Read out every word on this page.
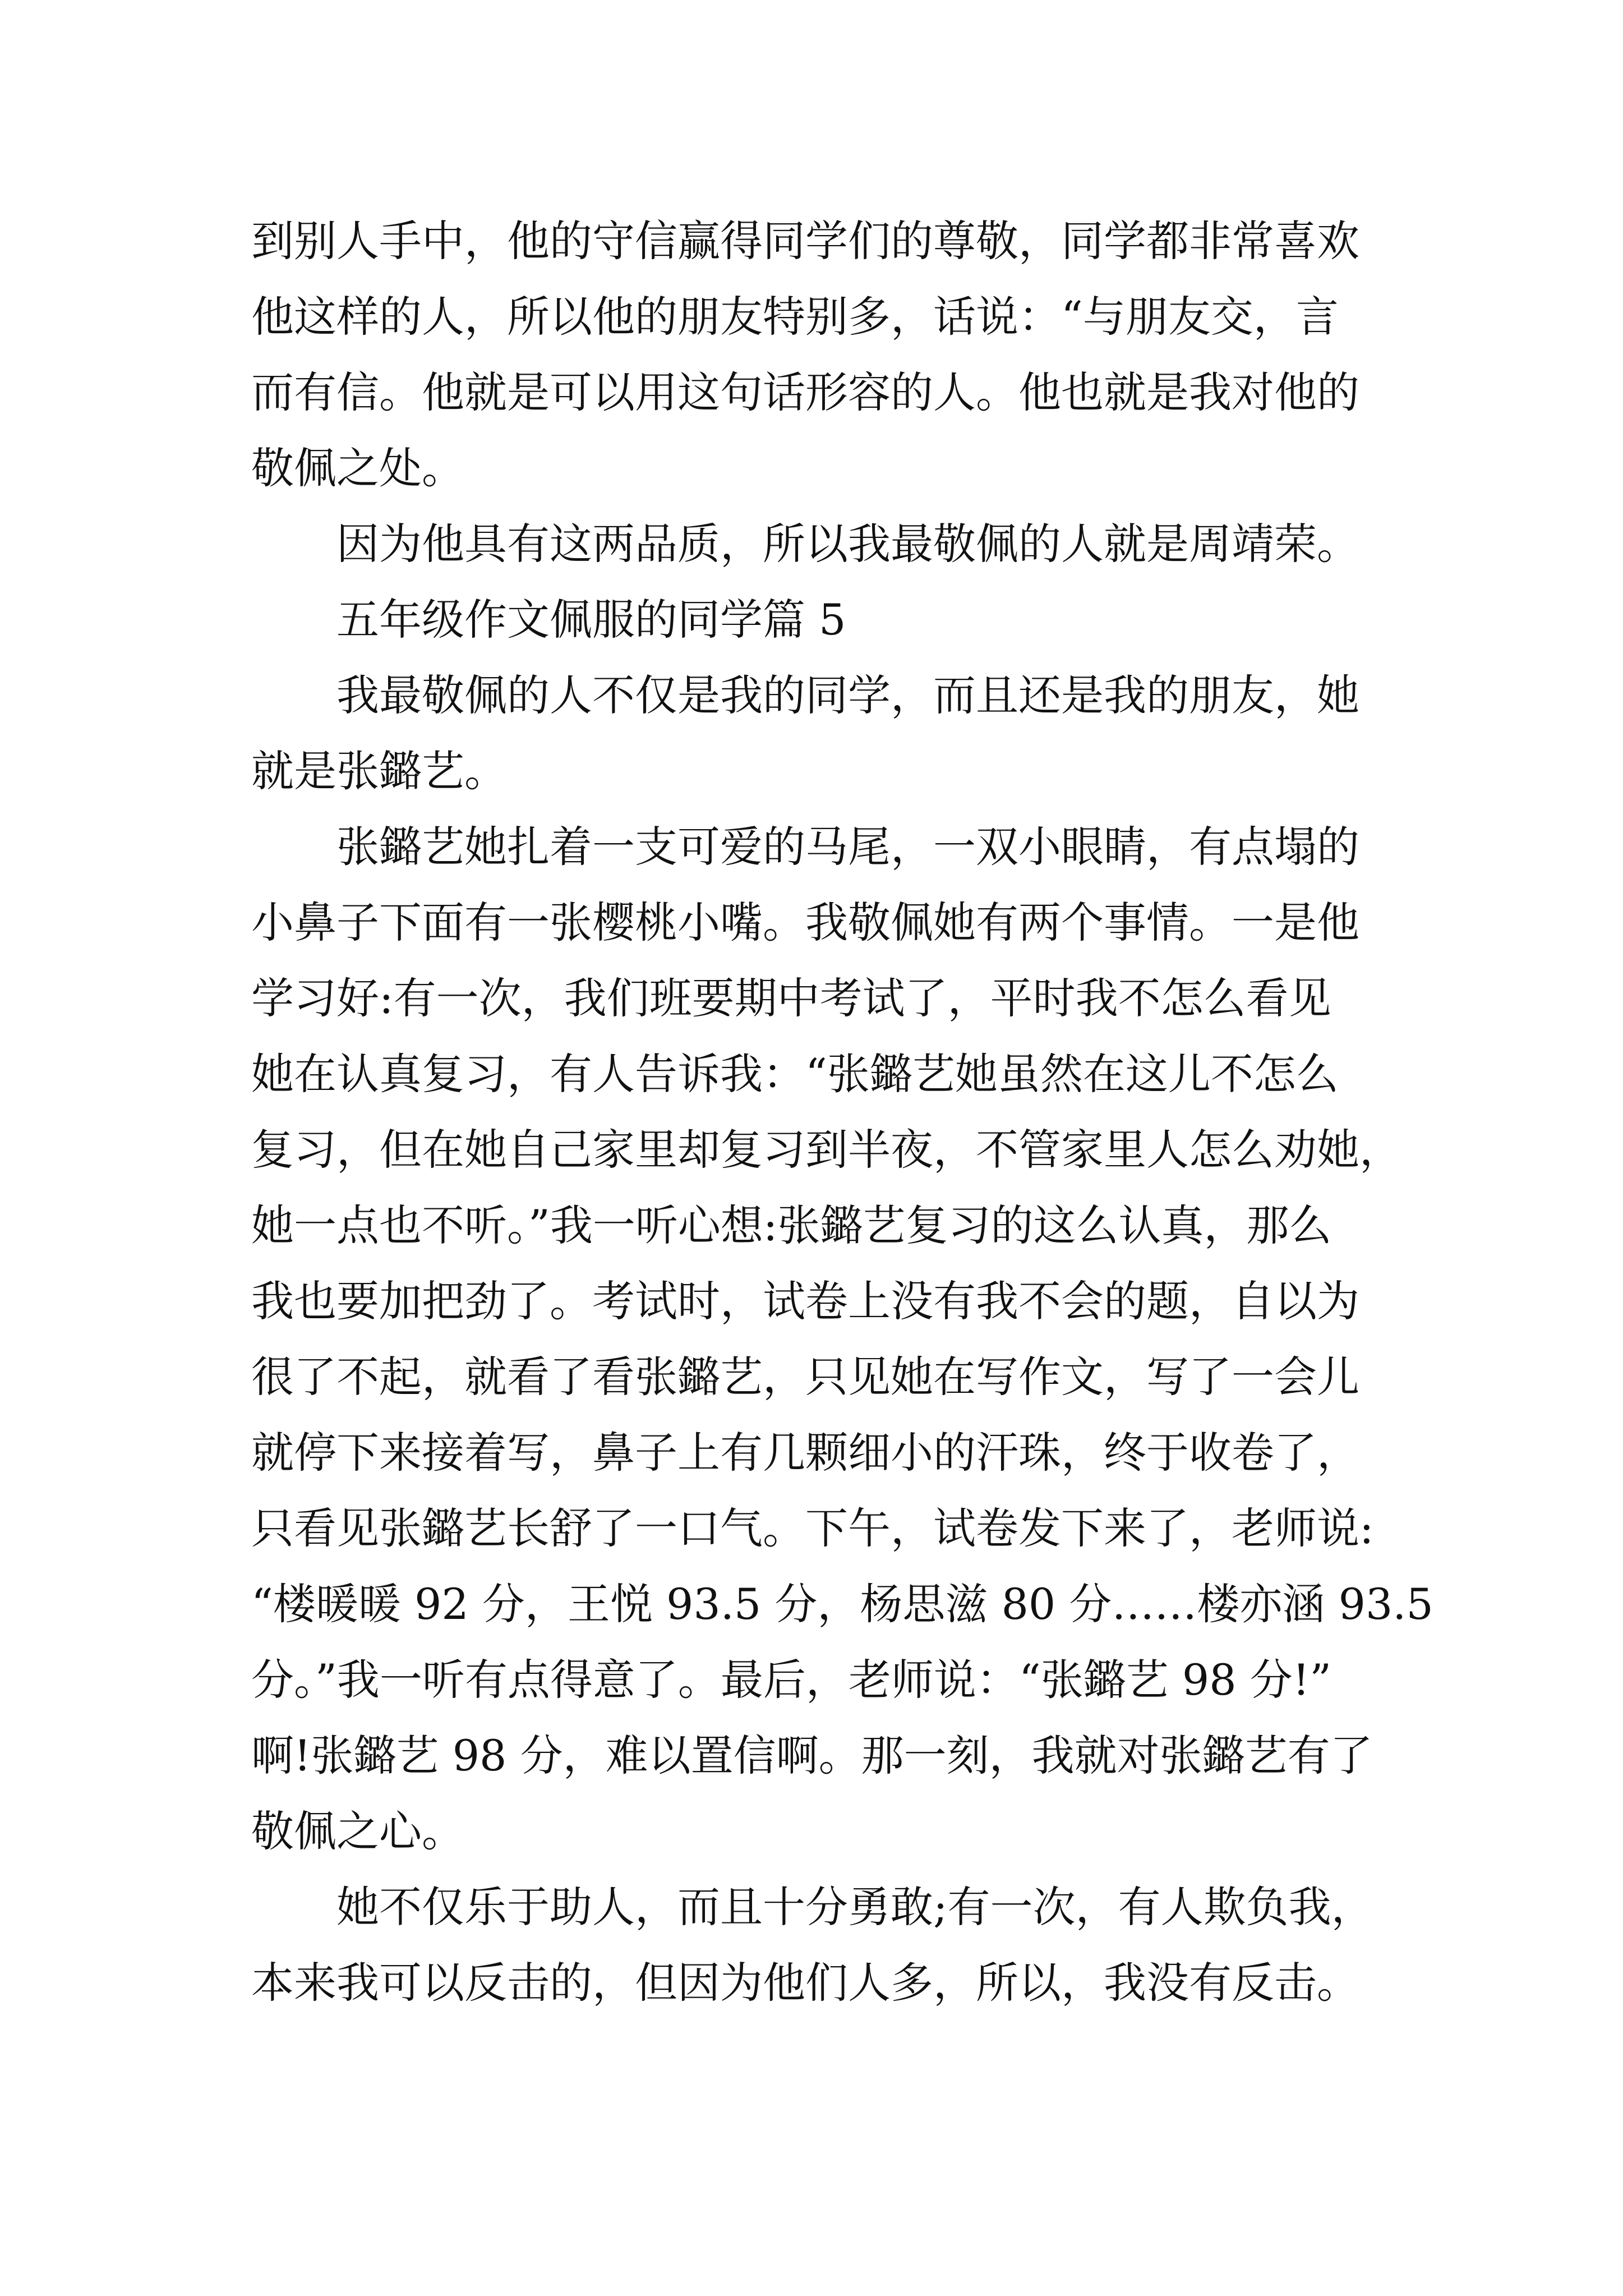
到别人手中，他的守信赢得同学们的尊敬，同学都非常喜欢
他这样的人，所以他的朋友特别多，话说：“与朋友交，言
而有信。他就是可以用这句话形容的人。他也就是我对他的
敬佩之处。
因为他具有这两品质，所以我最敬佩的人就是周靖荣。
五年级作文佩服的同学篇 5
我最敬佩的人不仅是我的同学，而且还是我的朋友，她
就是张鏴艺。
张鏴艺她扎着一支可爱的马尾，一双小眼睛，有点塌的
小鼻子下面有一张樱桃小嘴。我敬佩她有两个事情。一是他
学习好:有一次，我们班要期中考试了，平时我不怎么看见
她在认真复习，有人告诉我：“张鏴艺她虽然在这儿不怎么
复习，但在她自己家里却复习到半夜，不管家里人怎么劝她，
她一点也不听。”我一听心想:张鏴艺复习的这么认真，那么
我也要加把劲了。考试时，试卷上没有我不会的题，自以为
很了不起，就看了看张鏴艺，只见她在写作文，写了一会儿
就停下来接着写，鼻子上有几颗细小的汗珠，终于收卷了，
只看见张鏴艺长舒了一口气。下午，试卷发下来了，老师说:
“楼暖暖 92 分，王悦 93.5 分，杨思滋 80 分……楼亦涵 93.5
分。”我一听有点得意了。最后，老师说：“张鏴艺 98 分!”
啊!张鏴艺 98 分，难以置信啊。那一刻，我就对张鏴艺有了
敬佩之心。
她不仅乐于助人，而且十分勇敢;有一次，有人欺负我，
本来我可以反击的，但因为他们人多，所以，我没有反击。
